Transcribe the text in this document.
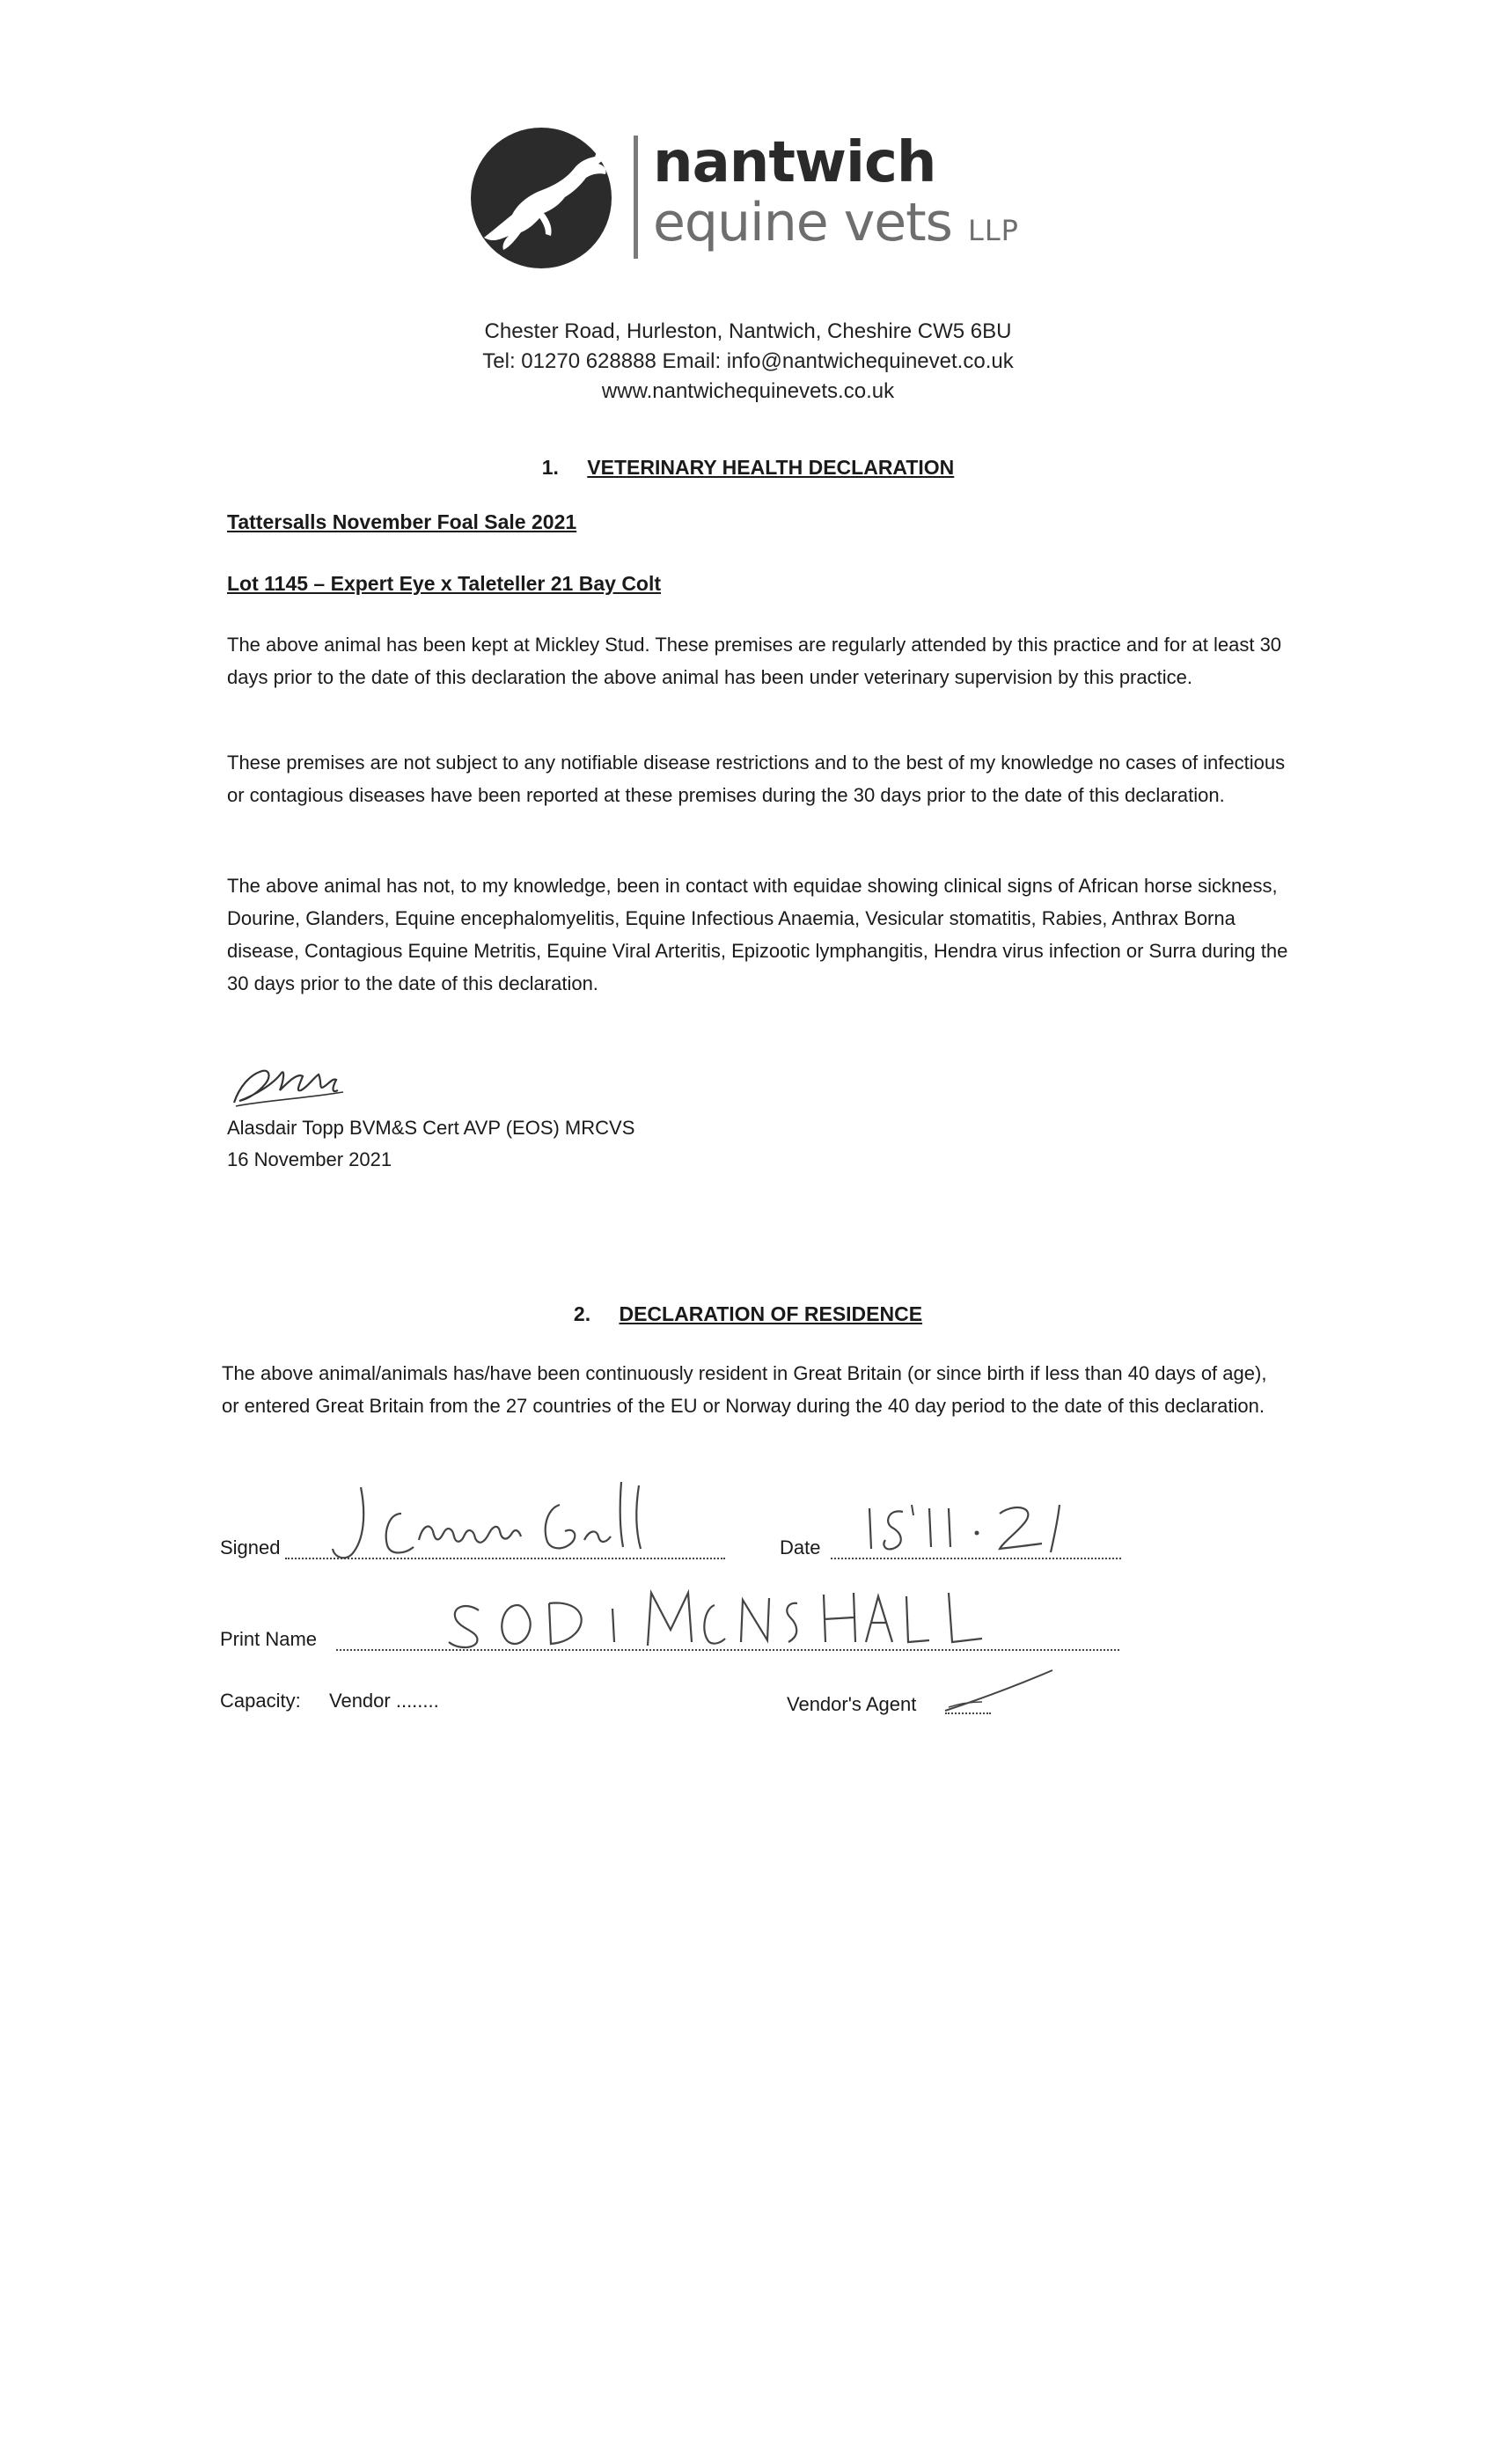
nantwich
equine vets LLP
Chester Road, Hurleston, Nantwich, Cheshire CW5 6BU
Tel: 01270 628888 Email: info@nantwichequinevet.co.uk
www.nantwichequinevets.co.uk
1. VETERINARY HEALTH DECLARATION
Tattersalls November Foal Sale 2021
Lot 1145 – Expert Eye x Taleteller 21 Bay Colt
The above animal has been kept at Mickley Stud. These premises are regularly attended by this practice and for at least 30 days prior to the date of this declaration the above animal has been under veterinary supervision by this practice.
These premises are not subject to any notifiable disease restrictions and to the best of my knowledge no cases of infectious or contagious diseases have been reported at these premises during the 30 days prior to the date of this declaration.
The above animal has not, to my knowledge, been in contact with equidae showing clinical signs of African horse sickness, Dourine, Glanders, Equine encephalomyelitis, Equine Infectious Anaemia, Vesicular stomatitis, Rabies, Anthrax Borna disease, Contagious Equine Metritis, Equine Viral Arteritis, Epizootic lymphangitis, Hendra virus infection or Surra during the 30 days prior to the date of this declaration.
Alasdair Topp BVM&S Cert AVP (EOS) MRCVS
16 November 2021
2. DECLARATION OF RESIDENCE
The above animal/animals has/have been continuously resident in Great Britain (or since birth if less than 40 days of age), or entered Great Britain from the 27 countries of the EU or Norway during the 40 day period to the date of this declaration.
Signed	Date
Print Name
Capacity: Vendor ........	Vendor's Agent
